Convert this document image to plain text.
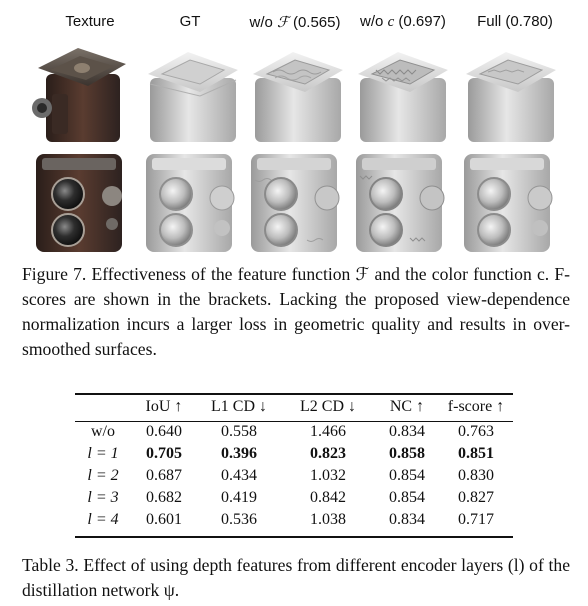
Texture	GT	w/o ℱ (0.565)	w/o c (0.697)	Full (0.780)
Figure 7. Effectiveness of the feature function ℱ and the color function c. F-scores are shown in the brackets. Lacking the proposed view-dependence normalization incurs a larger loss in geometric quality and results in over-smoothed surfaces.
	IoU ↑	L1 CD ↓	L2 CD ↓	NC ↑	f-score ↑
w/o	0.640	0.558	1.466	0.834	0.763
l = 1	0.705	0.396	0.823	0.858	0.851
l = 2	0.687	0.434	1.032	0.854	0.830
l = 3	0.682	0.419	0.842	0.854	0.827
l = 4	0.601	0.536	1.038	0.834	0.717
Table 3. Effect of using depth features from different encoder layers (l) of the distillation network ψ.
